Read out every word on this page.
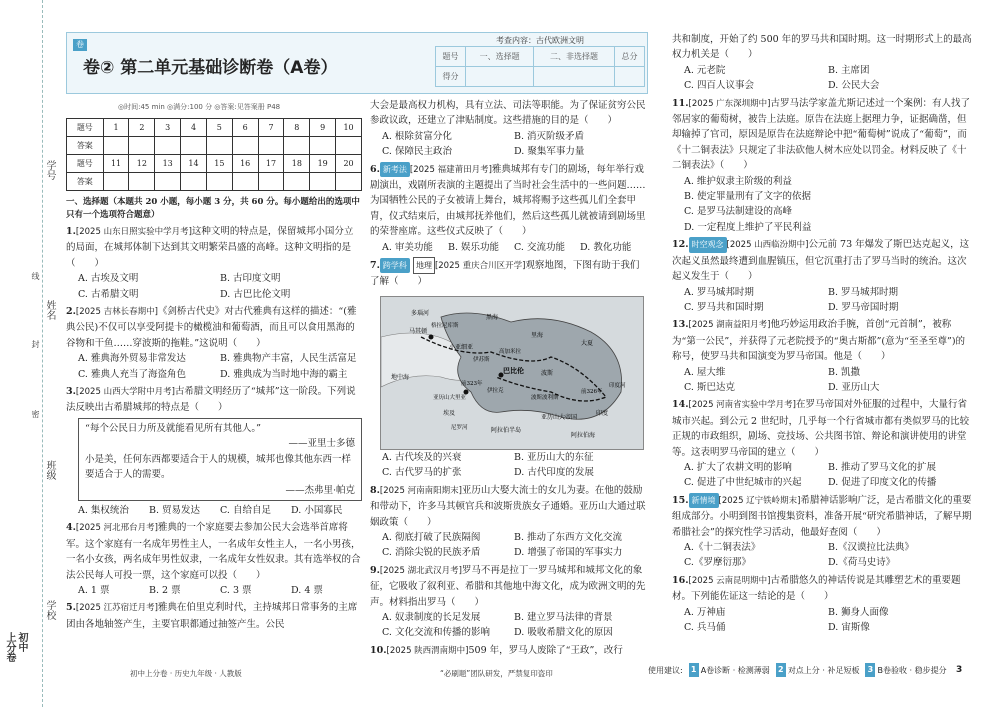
学号
姓名
班级
学校
线
封
密
初中
上分卷
卷
卷② 第二单元基础诊断卷（A卷）
考查内容：古代欧洲文明
题号	一、选择题	二、非选择题	总分
得分			
◎时间:45 min ◎满分:100 分 ◎答案:见答案册 P48
题号	1	2	3	4	5	6	7	8	9	10
答案										
题号	11	12	13	14	15	16	17	18	19	20
答案										

一、选择题（本题共 20 小题，每小题 3 分，共 60 分。每小题给出的选项中只有一个选项符合题意）

1.[2025 山东日照实验中学月考]这种文明的特点是，保留城邦小国分立的局面，在城邦体制下达到其文明繁荣昌盛的高峰。这种文明指的是（　　）

A. 古埃及文明	B. 古印度文明
C. 古希腊文明	D. 古巴比伦文明

2.[2025 吉林长春期中]《剑桥古代史》对古代雅典有这样的描述：“(雅典公民)不仅可以享受阿提卡的橄榄油和葡萄酒，而且可以食用黑海的谷物和干鱼……穿波斯的拖鞋。”这说明（　　）

A. 雅典海外贸易非常发达	B. 雅典物产丰富，人民生活富足
C. 雅典人充当了海盗角色	D. 雅典成为当时地中海的霸主

3.[2025 山西大学附中月考]古希腊文明经历了“城邦”这一阶段。下列说法反映出古希腊城邦的特点是（　　）

“每个公民日力所及就能看见所有其他人。”
——亚里士多德
小是美，任何东西都要适合于人的规模，城邦也像其他东西一样要适合于人的需要。
——杰弗里·帕克
A. 集权统治	B. 贸易发达	C. 自给自足	D. 小国寡民

4.[2025 河北邢台月考]雅典的一个家庭要去参加公民大会选举首席将军。这个家庭有一名成年男性主人，一名成年女性主人，一名小男孩，一名小女孩，两名成年男性奴隶，一名成年女性奴隶。其有选举权的合法公民每人可投一票，这个家庭可以投（　　）

A. 1 票	B. 2 票	C. 3 票	D. 4 票

5.[2025 江苏宿迁月考]雅典在伯里克利时代，主持城邦日常事务的主席团由各地轴签产生，主要官职都通过抽签产生。公民

大会是最高权力机构，具有立法、司法等职能。为了保证贫穷公民参政议政，还建立了津贴制度。这些措施的目的是（　　）

A. 根除贫富分化	B. 消灭阶级矛盾
C. 保障民主政治	D. 聚集军事力量

6. 新考法 [2025 福建莆田月考]雅典城邦有专门的剧场，每年举行戏剧演出，戏剧所表演的主题提出了当时社会生活中的一些问题……为国牺牲公民的子女被请上舞台，城邦将赐予这些孤儿们全套甲胄，仪式结束后，由城邦抚养他们，然后这些孤儿就被请到剧场里的荣誉座席。这些仪式反映了（　　）

A. 审美功能	B. 娱乐功能	C. 交流功能	D. 教化功能

7. 跨学科 地理 [2025 重庆合川区开学]观察地图，下图有助于我们了解（　　）

多瑙河
马其顿
黑海
地中海
小亚细亚
埃及
亚历山大里亚
巴比伦	波斯
印度
伊苏斯
格拉尼库斯
高加米拉
波斯波利斯
大夏
印度河
阿拉伯海
里海
尼罗河	阿拉伯半岛
伊拉克
亚历山大帝国
前323年
前326年
A. 古代埃及的兴衰	B. 亚历山大的东征
C. 古代罗马的扩张	D. 古代印度的发展

8.[2025 河南南阳期末]亚历山大娶大流士的女儿为妻。在他的鼓励和带动下，许多马其顿官兵和波斯贵族女子通婚。亚历山大通过联姻政策（　　）

A. 彻底打破了民族隔阂	B. 推动了东西方文化交流
C. 消除尖锐的民族矛盾	D. 增强了帝国的军事实力

9.[2025 湖北武汉月考]罗马不再是拉丁一罗马城邦和城邦文化的象征，它吸收了叙利亚、希腊和其他地中海文化，成为欧洲文明的先声。材料指出罗马（　　）

A. 奴隶制度的长足发展	B. 建立罗马法律的背景
C. 文化交流和传播的影响	D. 吸收希腊文化的原因

10.[2025 陕西渭南期中]509 年，罗马人废除了“王政”，改行

共和制度，开始了约 500 年的罗马共和国时期。这一时期形式上的最高权力机关是（　　）

A. 元老院	B. 主席团
C. 四百人议事会	D. 公民大会

11.[2025 广东深圳期中]古罗马法学家盖尤斯记述过一个案例：有人找了邻居家的葡萄树，被告上法庭。原告在法庭上据理力争，证据确凿，但却输掉了官司，原因是原告在法庭辩论中把“葡萄树”说成了“葡萄”，而《十二铜表法》只规定了非法砍他人树木应处以罚金。材料反映了《十二铜表法》（　　）

A. 维护奴隶主阶级的利益
B. 使定罪量刑有了文字的依据
C. 是罗马法制建设的高峰
D. 一定程度上维护了平民利益

12. 时空观念 [2025 山西临汾期中]公元前 73 年爆发了斯巴达克起义，这次起义虽然最终遭到血腥镇压，但它沉重打击了罗马当时的统治。这次起义发生于（　　）

A. 罗马城邦时期	B. 罗马城邦时期
C. 罗马共和国时期	D. 罗马帝国时期

13.[2025 湖南益阳月考]他巧妙运用政治手腕，首创“元首制”，被称为“第一公民”，并获得了元老院授予的“奥古斯都”(意为“至圣至尊”)的称号，使罗马共和国演变为罗马帝国。他是（　　）

A. 屋大维	B. 凯撒
C. 斯巴达克	D. 亚历山大

14.[2025 河南省实验中学月考]在罗马帝国对外征服的过程中，大量行省城市兴起。到公元 2 世纪时，几乎每一个行省城市都有类似罗马的比较正规的市政组织，剧场、竞技场、公共图书馆、辩论和演讲使用的讲堂等。这表明罗马帝国的建立（　　）

A. 扩大了农耕文明的影响	B. 推动了罗马文化的扩展
C. 促进了中世纪城市的兴起	D. 促进了印度文化的传播

15. 新情境 [2025 辽宁铁岭期末]希腊神话影响广泛，是古希腊文化的重要组成部分。小明到图书馆搜集资料，准备开展“研究希腊神话，了解早期希腊社会”的探究性学习活动，他最好查阅（　　）

A.《十二铜表法》	B.《汉谟拉比法典》
C.《罗摩衍那》	D.《荷马史诗》

16.[2025 云南昆明期中]古希腊悠久的神话传说是其雕塑艺术的重要题材。下列能佐证这一结论的是（　　）

A. 万神庙	B. 狮身人面像
C. 兵马俑	D. 宙斯像
初中上分卷 · 历史九年级 · 人教版	“必刷题”团队研发，严禁复印盗印	使用建议: 1 A卷诊断 · 检测薄弱 2 对点上分 · 补足短板 3 B卷验收 · 稳步提分 3
